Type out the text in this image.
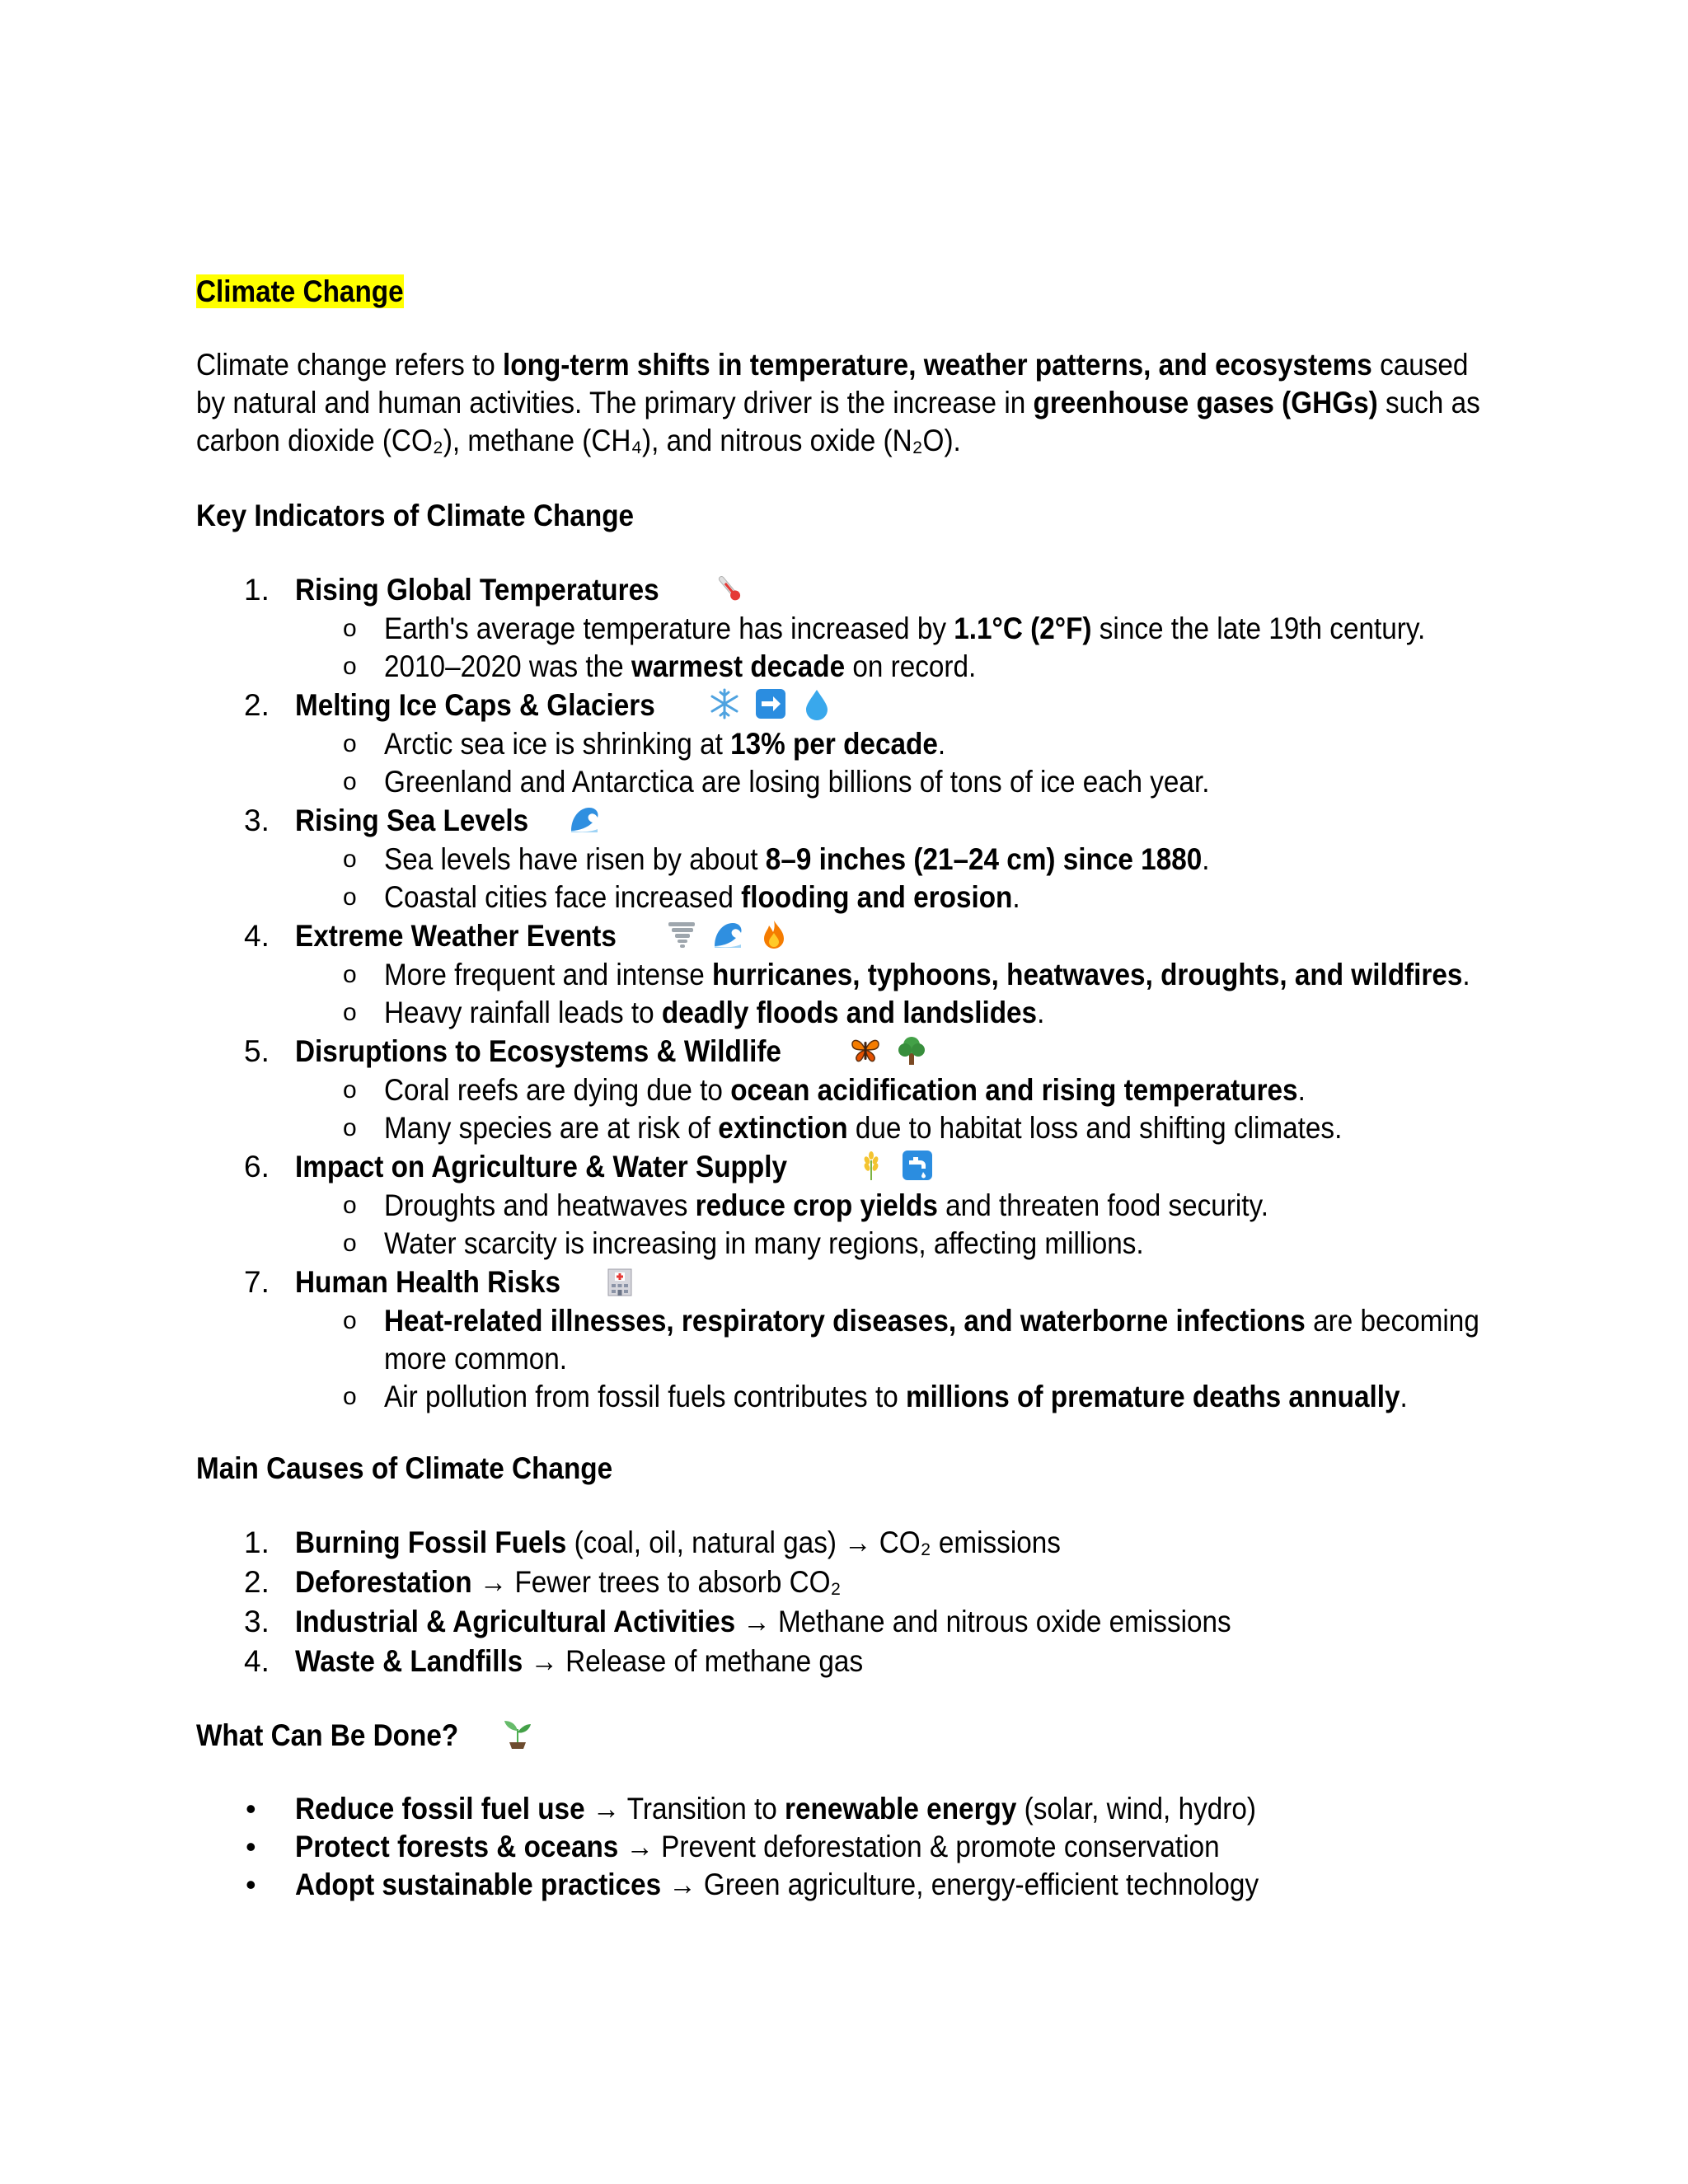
Climate Change
Climate change refers to long-term shifts in temperature, weather patterns, and ecosystems caused
by natural and human activities. The primary driver is the increase in greenhouse gases (GHGs) such as
carbon dioxide (CO₂), methane (CH₄), and nitrous oxide (N₂O).
Key Indicators of Climate Change
1. Rising Global Temperatures
o Earth's average temperature has increased by 1.1°C (2°F) since the late 19th century.
o 2010–2020 was the warmest decade on record.
2. Melting Ice Caps & Glaciers
o Arctic sea ice is shrinking at 13% per decade.
o Greenland and Antarctica are losing billions of tons of ice each year.
3. Rising Sea Levels
o Sea levels have risen by about 8–9 inches (21–24 cm) since 1880.
o Coastal cities face increased flooding and erosion.
4. Extreme Weather Events
o More frequent and intense hurricanes, typhoons, heatwaves, droughts, and wildfires.
o Heavy rainfall leads to deadly floods and landslides.
5. Disruptions to Ecosystems & Wildlife
o Coral reefs are dying due to ocean acidification and rising temperatures.
o Many species are at risk of extinction due to habitat loss and shifting climates.
6. Impact on Agriculture & Water Supply
o Droughts and heatwaves reduce crop yields and threaten food security.
o Water scarcity is increasing in many regions, affecting millions.
7. Human Health Risks
o Heat-related illnesses, respiratory diseases, and waterborne infections are becoming
more common.
o Air pollution from fossil fuels contributes to millions of premature deaths annually.
Main Causes of Climate Change
1. Burning Fossil Fuels (coal, oil, natural gas) → CO₂ emissions
2. Deforestation → Fewer trees to absorb CO₂
3. Industrial & Agricultural Activities → Methane and nitrous oxide emissions
4. Waste & Landfills → Release of methane gas
What Can Be Done?
• Reduce fossil fuel use → Transition to renewable energy (solar, wind, hydro)
• Protect forests & oceans → Prevent deforestation & promote conservation
• Adopt sustainable practices → Green agriculture, energy-efficient technology
